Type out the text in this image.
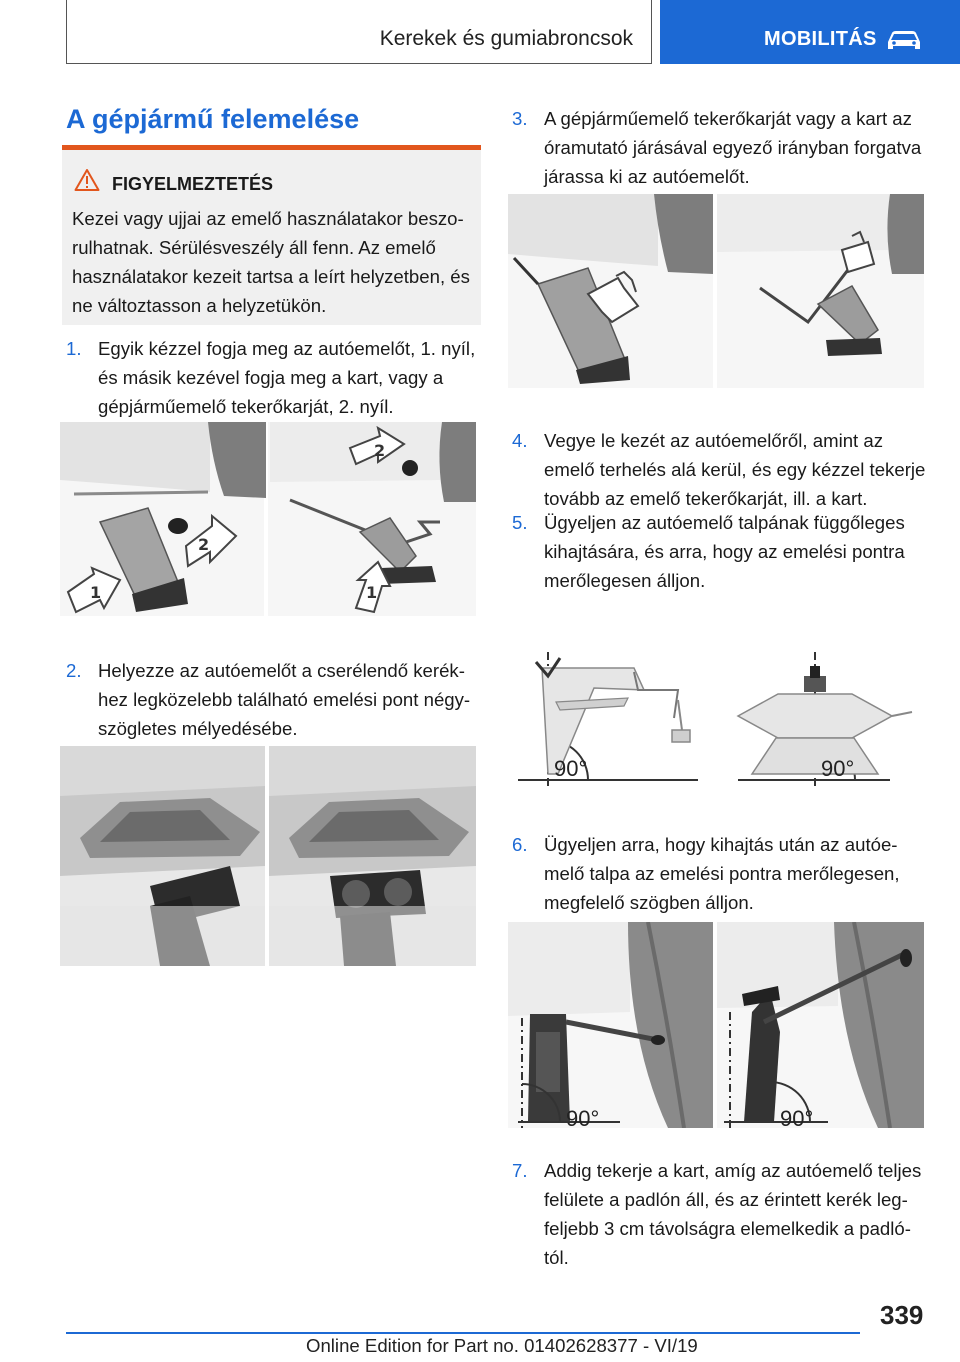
Kerekek és gumiabroncsok	MOBILITÁS
A gépjármű felemelése
FIGYELMEZTETÉS
Kezei vagy ujjai az emelő használatakor beszo-
rulhatnak. Sérülésveszély áll fenn. Az emelő
használatakor kezeit tartsa a leírt helyzetben, és
ne változtasson a helyzetükön.
1. Egyik kézzel fogja meg az autóemelőt, 1. nyíl,
és másik kezével fogja meg a kart, vagy a
gépjárműemelő tekerőkarját, 2. nyíl.
1
2
2
1
2. Helyezze az autóemelőt a cserélendő kerék-
hez legközelebb található emelési pont négy-
szögletes mélyedésébe.
3. A gépjárműemelő tekerőkarját vagy a kart az
óramutató járásával egyező irányban forgatva
járassa ki az autóemelőt.
4. Vegye le kezét az autóemelőről, amint az
emelő terhelés alá kerül, és egy kézzel tekerje
tovább az emelő tekerőkarját, ill. a kart.
5. Ügyeljen az autóemelő talpának függőleges
kihajtására, és arra, hogy az emelési pontra
merőlegesen álljon.
90°	90°
6. Ügyeljen arra, hogy kihajtás után az autóe-
melő talpa az emelési pontra merőlegesen,
megfelelő szögben álljon.
90°	90°
7. Addig tekerje a kart, amíg az autóemelő teljes
felülete a padlón áll, és az érintett kerék leg-
feljebb 3 cm távolságra elemelkedik a padló-
tól.
339
Online Edition for Part no. 01402628377 - VI/19
